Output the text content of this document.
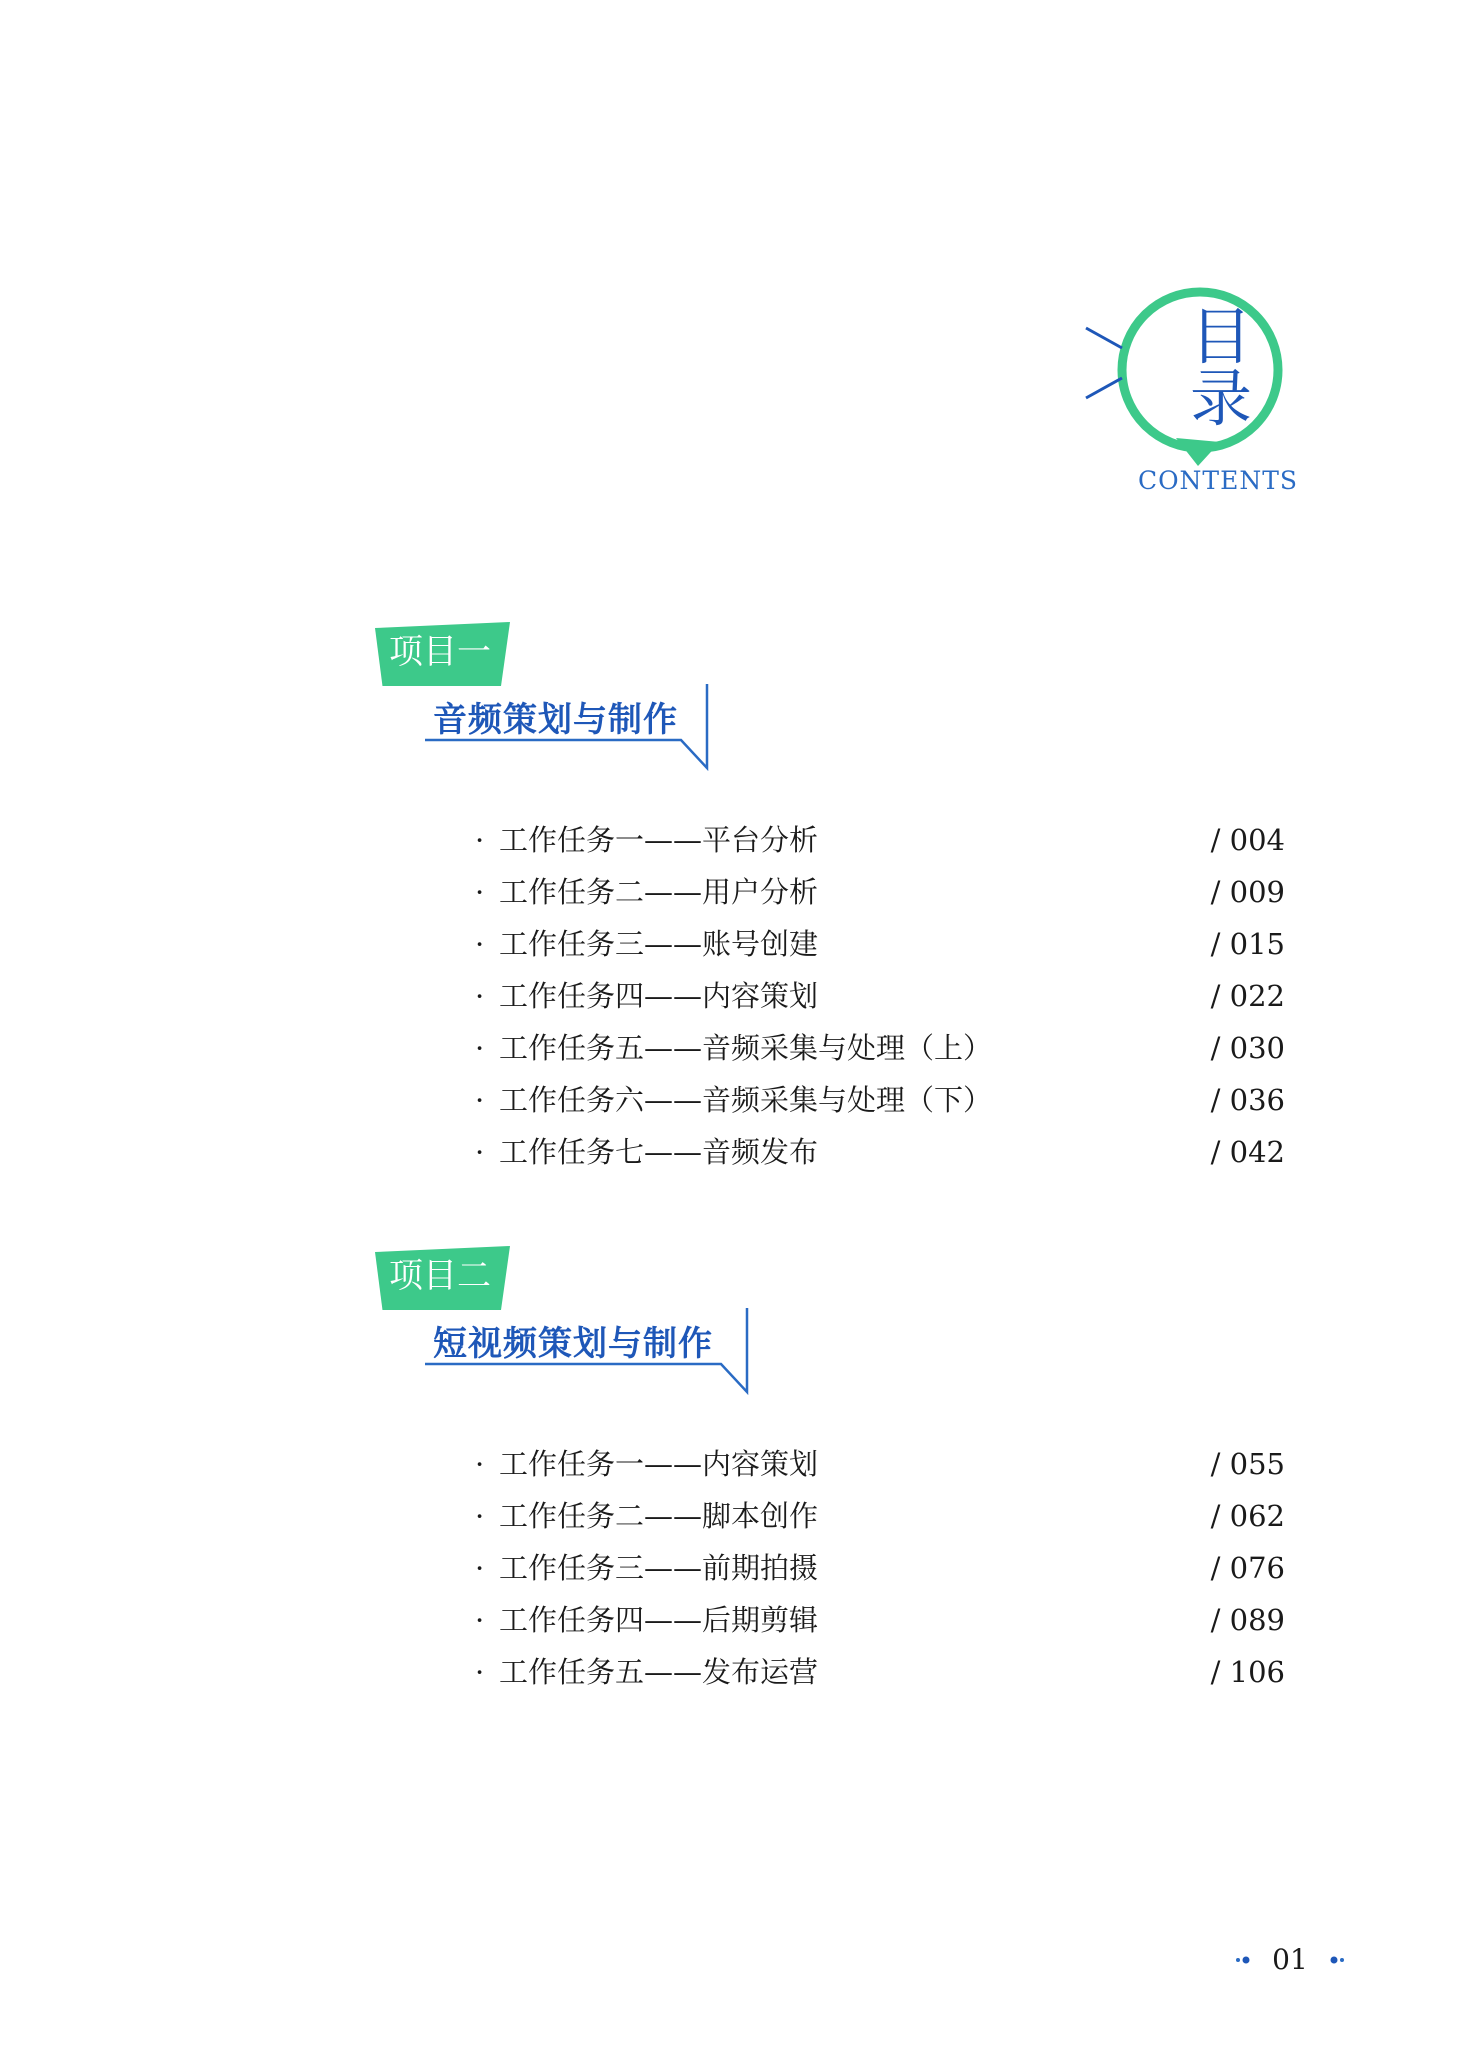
目
录
CONTENTS
项目一
音频策划与制作
· 工作任务一——平台分析	/ 004
· 工作任务二——用户分析	/ 009
· 工作任务三——账号创建	/ 015
· 工作任务四——内容策划	/ 022
· 工作任务五——音频采集与处理（上）	/ 030
· 工作任务六——音频采集与处理（下）	/ 036
· 工作任务七——音频发布	/ 042
项目二
短视频策划与制作
· 工作任务一——内容策划	/ 055
· 工作任务二——脚本创作	/ 062
· 工作任务三——前期拍摄	/ 076
· 工作任务四——后期剪辑	/ 089
· 工作任务五——发布运营	/ 106
01
